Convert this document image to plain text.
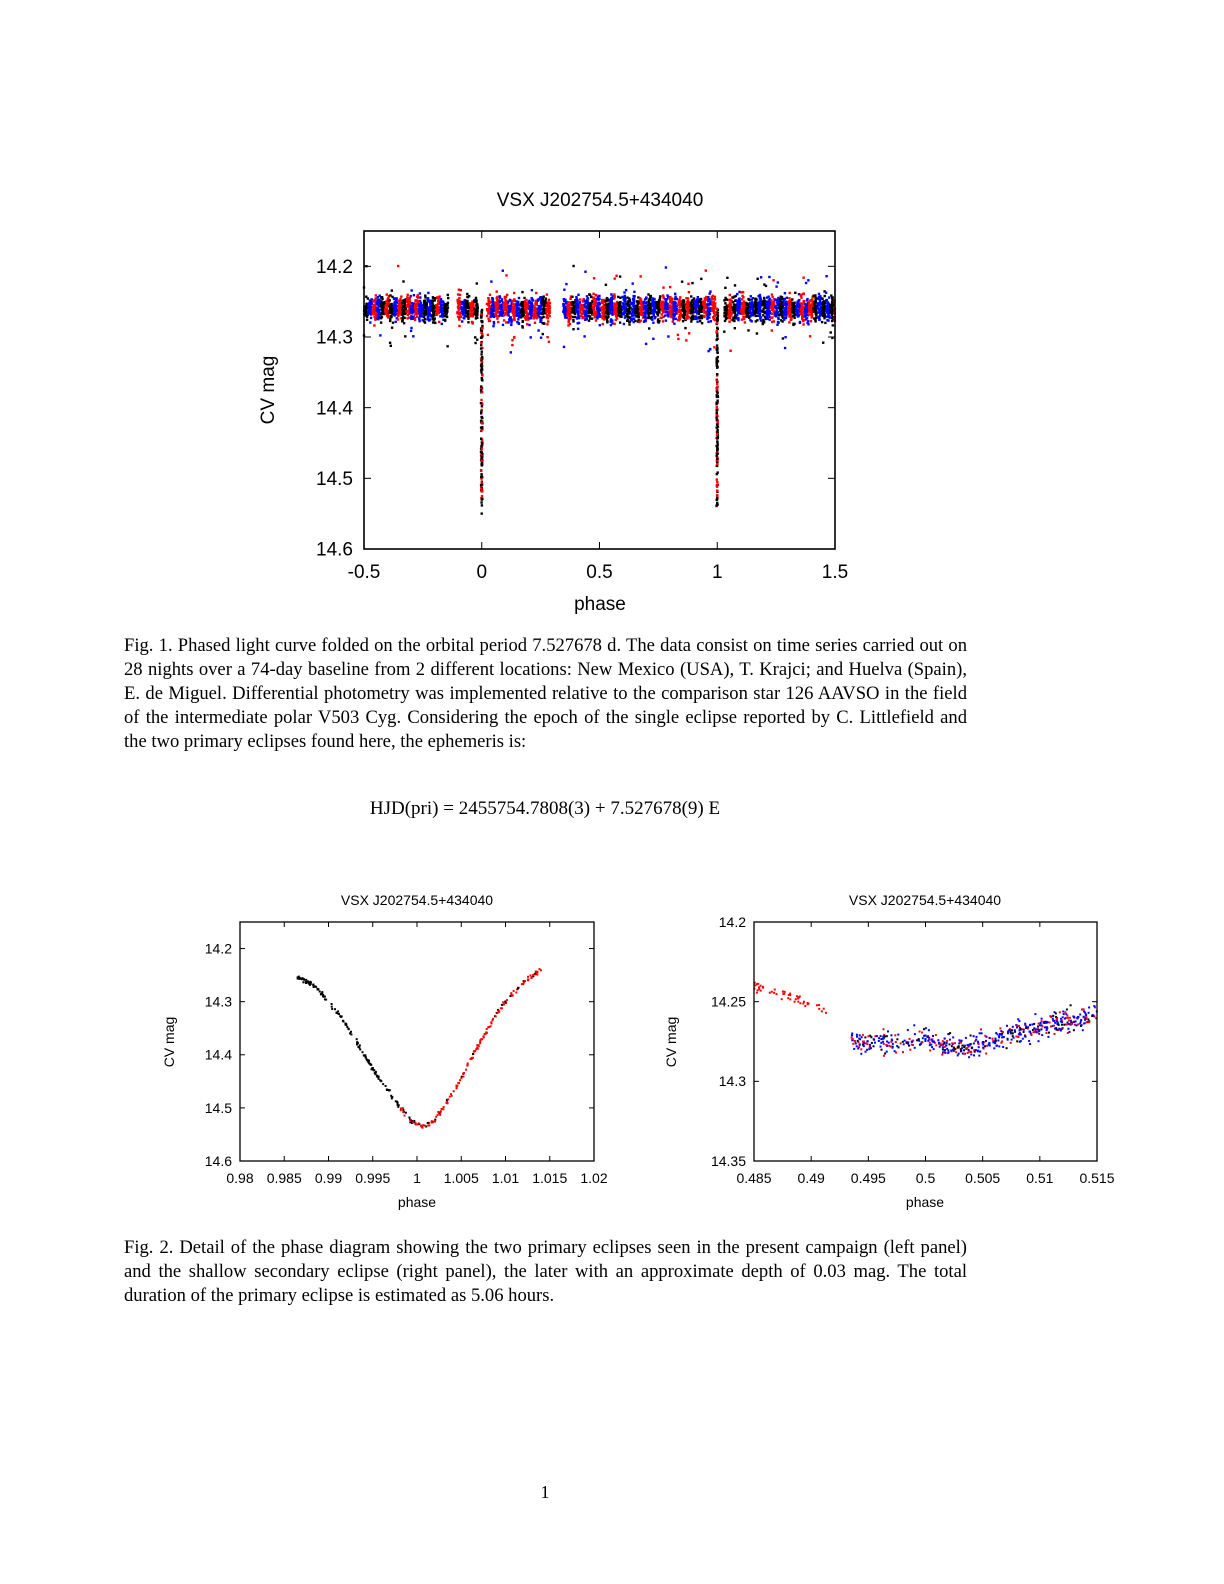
VSX J202754.5+434040
CV mag
phase
-0.5	0	0.5	1	1.5
14.2
14.3
14.4
14.5
14.6
VSX J202754.5+434040
CV mag
phase
0.98 0.985 0.99 0.995 1 1.005 1.01 1.015 1.02
14.2
14.3
14.4
14.5
14.6
VSX J202754.5+434040
CV mag
phase
0.485 0.49 0.495 0.5 0.505 0.51 0.515
14.2
14.25
14.3
14.35

Fig. 1. Phased light curve folded on the orbital period 7.527678 d. The data consist on time series carried out on 28 nights over a 74-day baseline from 2 different locations: New Mexico (USA), T. Krajci; and Huelva (Spain), E. de Miguel. Differential photometry was implemented relative to the comparison star 126 AAVSO in the field of the intermediate polar V503 Cyg. Considering the epoch of the single eclipse reported by C. Littlefield and the two primary eclipses found here, the ephemeris is:

HJD(pri) = 2455754.7808(3) + 7.527678(9) E

Fig. 2. Detail of the phase diagram showing the two primary eclipses seen in the present campaign (left panel) and the shallow secondary eclipse (right panel), the later with an approximate depth of 0.03 mag. The total duration of the primary eclipse is estimated as 5.06 hours.

1
